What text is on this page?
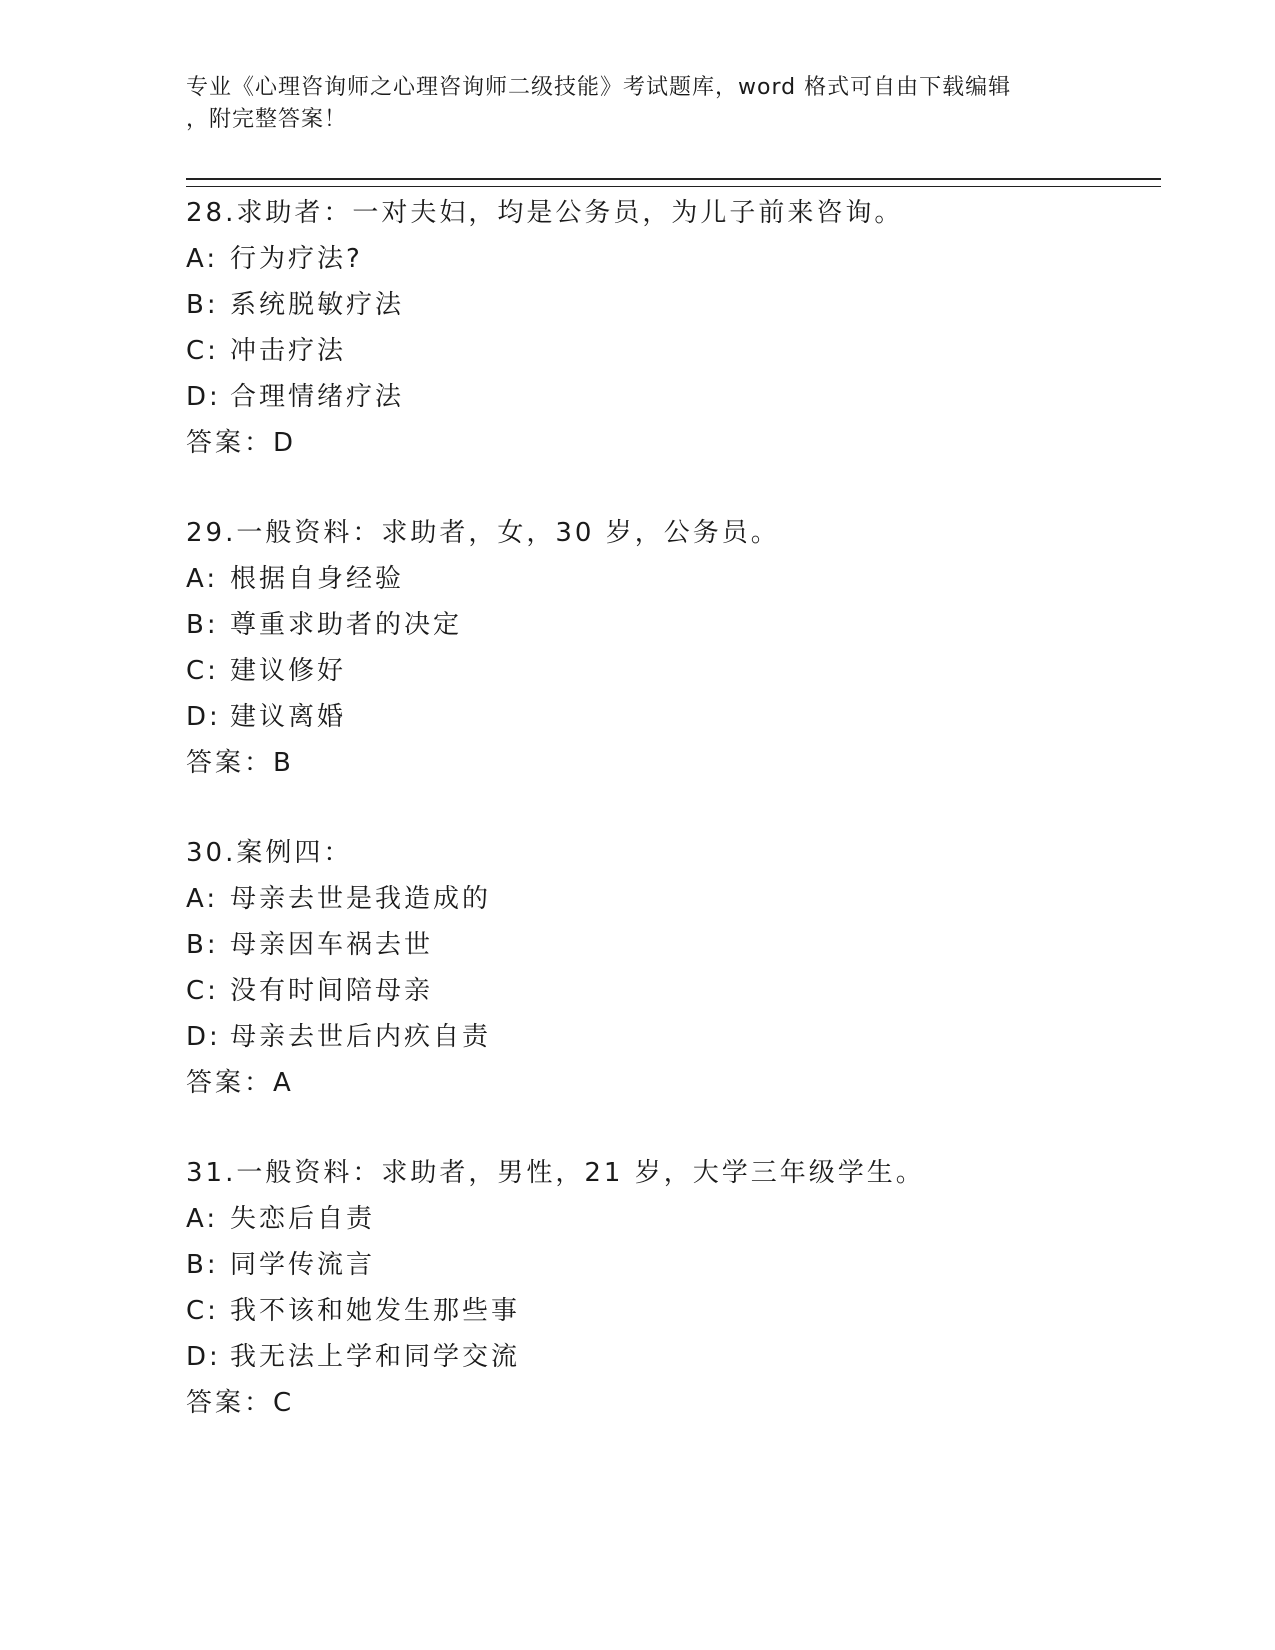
专业《心理咨询师之心理咨询师二级技能》考试题库，word 格式可自由下载编辑
，附完整答案！
28.求助者：一对夫妇，均是公务员，为儿子前来咨询。
A: 行为疗法?
B: 系统脱敏疗法
C: 冲击疗法
D: 合理情绪疗法
答案：D
29.一般资料：求助者，女，30 岁，公务员。
A: 根据自身经验
B: 尊重求助者的决定
C: 建议修好
D: 建议离婚
答案：B
30.案例四：
A: 母亲去世是我造成的
B: 母亲因车祸去世
C: 没有时间陪母亲
D: 母亲去世后内疚自责
答案：A
31.一般资料：求助者，男性，21 岁，大学三年级学生。
A: 失恋后自责
B: 同学传流言
C: 我不该和她发生那些事
D: 我无法上学和同学交流
答案：C
